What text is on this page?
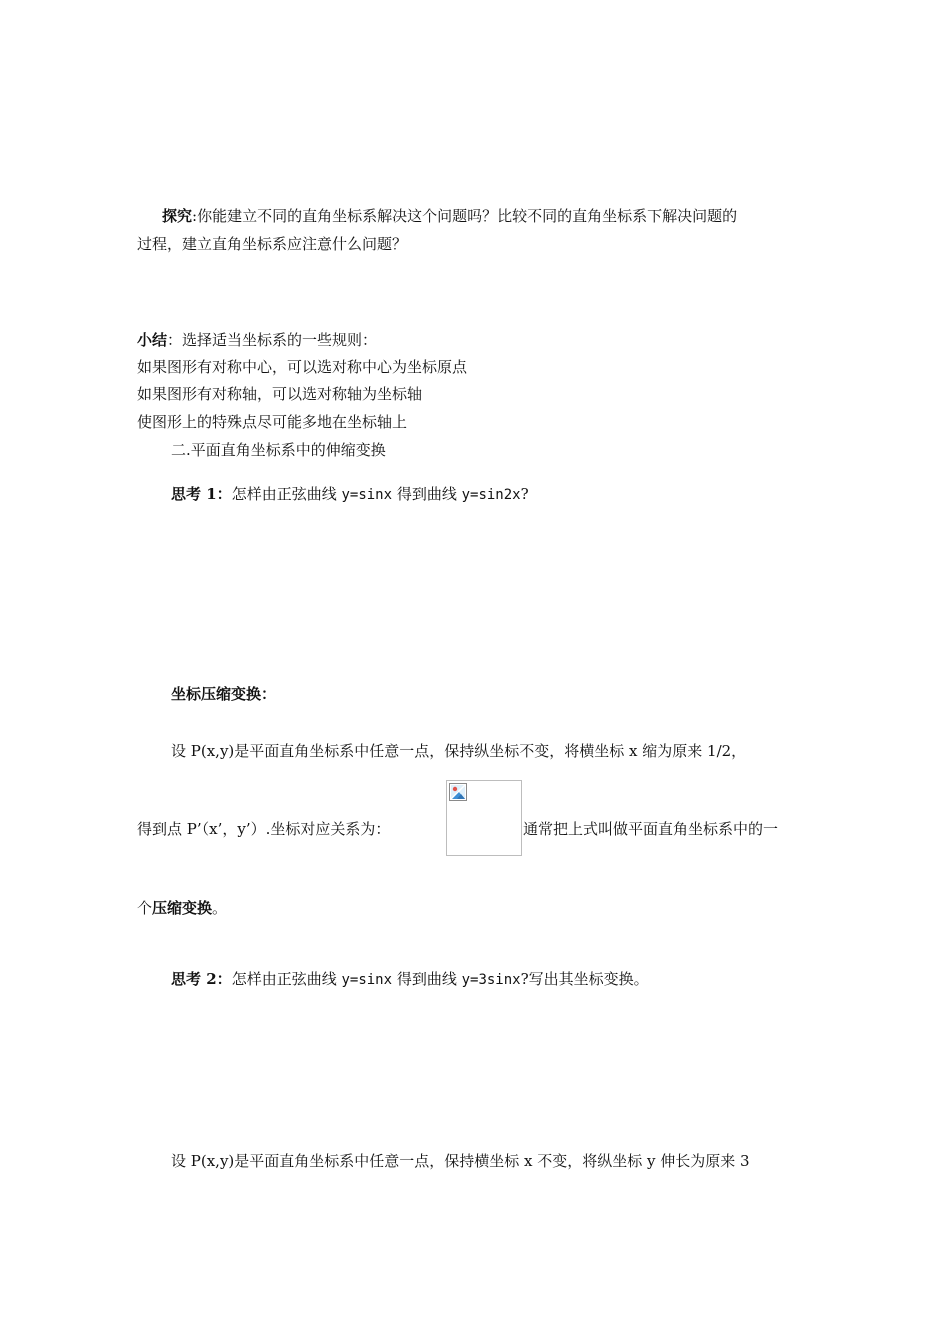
探究:你能建立不同的直角坐标系解决这个问题吗？比较不同的直角坐标系下解决问题的
过程，建立直角坐标系应注意什么问题？
小结：选择适当坐标系的一些规则：
如果图形有对称中心，可以选对称中心为坐标原点
如果图形有对称轴，可以选对称轴为坐标轴
使图形上的特殊点尽可能多地在坐标轴上
二.平面直角坐标系中的伸缩变换
思考 1：怎样由正弦曲线 y=sinx 得到曲线 y=sin2x?
坐标压缩变换：
设 P(x,y)是平面直角坐标系中任意一点，保持纵坐标不变，将横坐标 x 缩为原来 1/2，
得到点 P’（x’，y’）.坐标对应关系为：	通常把上式叫做平面直角坐标系中的一
个压缩变换。
思考 2：怎样由正弦曲线 y=sinx 得到曲线 y=3sinx?写出其坐标变换。
设 P(x,y)是平面直角坐标系中任意一点，保持横坐标 x 不变，将纵坐标 y 伸长为原来 3
